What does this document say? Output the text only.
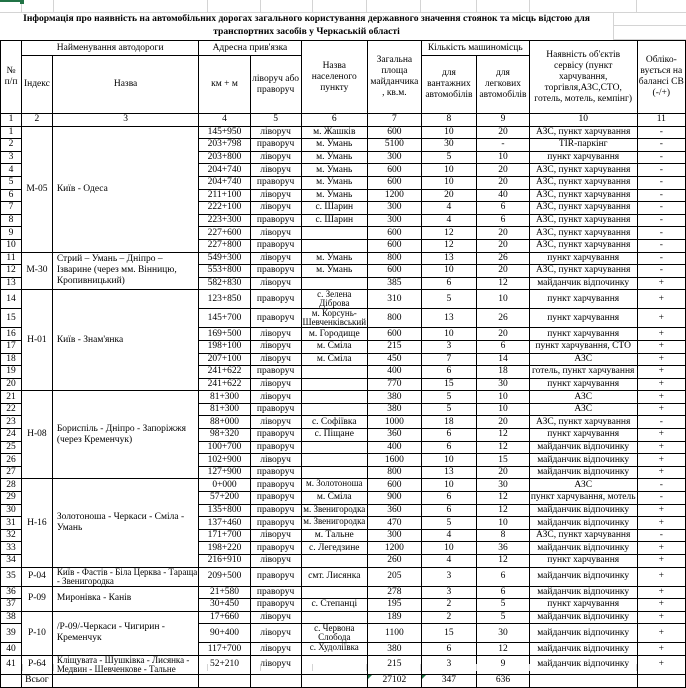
Інформація про наявність на автомобільних дорогах загального користування державного значення стоянок та місць відстою для транспортних засобів у Черкаській області
№ п/п	Найменування автодороги		Адресна прив'язка		Назва населеного пункту	Загальна площа майданчика , кв.м.	Кількість машиномісць		Наявність об'єктів сервісу (пункт харчування, торгівля,АЗС,СТО, готель, мотель, кемпінг)	Обліко-вується на балансі СВ (-/+)
	Індекс	Назва	км + м	ліворуч або праворуч			для вантажних автомобілів	для легкових автомобілів		
1	2	3	4	5	6	7	8	9	10	11
1	М-05	Київ - Одеса	145+950	ліворуч	м. Жашків	600	10	20	АЗС, пункт харчування	-
2			203+798	праворуч	м. Умань	5100	30	-	ТІR-паркінг	-
3			203+800	ліворуч	м. Умань	300	5	10	пункт харчування	-
4			204+740	ліворуч	м. Умань	600	10	20	АЗС, пункт харчування	-
5			204+740	праворуч	м. Умань	600	10	20	АЗС, пункт харчування	-
6			211+100	ліворуч	м. Умань	1200	20	40	АЗС, пункт харчування	-
7			222+100	ліворуч	с. Шарин	300	4	6	АЗС, пункт харчування	-
8			223+300	праворуч	с. Шарин	300	4	6	АЗС, пункт харчування	-
9			227+600	ліворуч		600	12	20	АЗС, пункт харчування	-
10			227+800	праворуч		600	12	20	АЗС, пункт харчування	-
11	М-30	Стрий – Умань – Дніпро – Ізварине (через мм. Вінницю, Кропивницький)	549+300	ліворуч	м. Умань	800	13	26	пункт харчування	-
12			553+800	праворуч	м. Умань	600	10	20	АЗС, пункт харчування	-
13			582+830	ліворуч		385	6	12	майданчик відпочинку	+
14	Н-01	Київ - Знам'янка	123+850	праворуч	с. Зелена Діброва	310	5	10	пункт харчування	+
15			145+700	праворуч	м. Корсунь-Шевченківський	800	13	26	пункт харчування	+
16			169+500	ліворуч	м. Городище	600	10	20	пункт харчування	+
17			198+100	ліворуч	м. Сміла	215	3	6	пункт харчування, СТО	+
18			207+100	ліворуч	м. Сміла	450	7	14	АЗС	+
19			241+622	праворуч		400	6	18	готель, пункт харчування	+
20			241+622	ліворуч		770	15	30	пункт харчування	+
21	Н-08	Бориспіль - Дніпро - Запоріжжя (через Кременчук)	81+300	ліворуч		380	5	10	АЗС	+
22			81+300	праворуч		380	5	10	АЗС	+
23			88+000	ліворуч	с. Софіївка	1000	18	20	АЗС, пункт харчування	-
24			98+320	праворуч	с. Піщане	360	6	12	пункт харчування	+
25			100+700	праворуч		400	6	12	майданчик відпочинку	+
26			102+900	ліворуч		1600	10	15	майданчик відпочинку	+
27			127+900	праворуч		800	13	20	майданчик відпочинку	+
28	Н-16	Золотоноша - Черкаси - Сміла - Умань	0+000	праворуч	м. Золотоноша	600	10	30	АЗС	-
29			57+200	праворуч	м. Сміла	900	6	12	пункт харчування, мотель	-
30			135+800	праворуч	м. Звенигородка	360	6	12	майданчик відпочинку	+
31			137+460	праворуч	м. Звенигородка	470	5	10	майданчик відпочинку	+
32			171+700	ліворуч	м. Тальне	300	4	8	АЗС, пункт харчування	-
33			198+220	праворуч	с. Легедзине	1200	10	36	майданчик відпочинку	+
34			216+910	ліворуч		260	4	12	пункт харчування	+
35	Р-04	Київ - Фастів - Біла Церква - Тараща - Звенигородка	209+500	праворуч	смт. Лисянка	205	3	6	майданчик відпочинку	+
36	Р-09	Миронівка - Канів	21+580	праворуч		278	3	6	майданчик відпочинку	+
37			30+450	праворуч	с. Степанці	195	2	5	пункт харчування	+
38	Р-10	/Р-09/-Черкаси - Чигирин - Кременчук	17+660	ліворуч		189	2	5	майданчик відпочинку	+
39			90+400	ліворуч	с. Червона Слобода	1100	15	30	майданчик відпочинку	+
40			117+700	ліворуч	с. Худоліївка	380	6	12	майданчик відпочинку	+
41	Р-64	Кліщувата - Шушківка - Лисянка - Медвин - Шевченкове - Тальне	52+210	ліворуч		215	3	9	майданчик відпочинку	+
	Всьог					27102	347	636		
